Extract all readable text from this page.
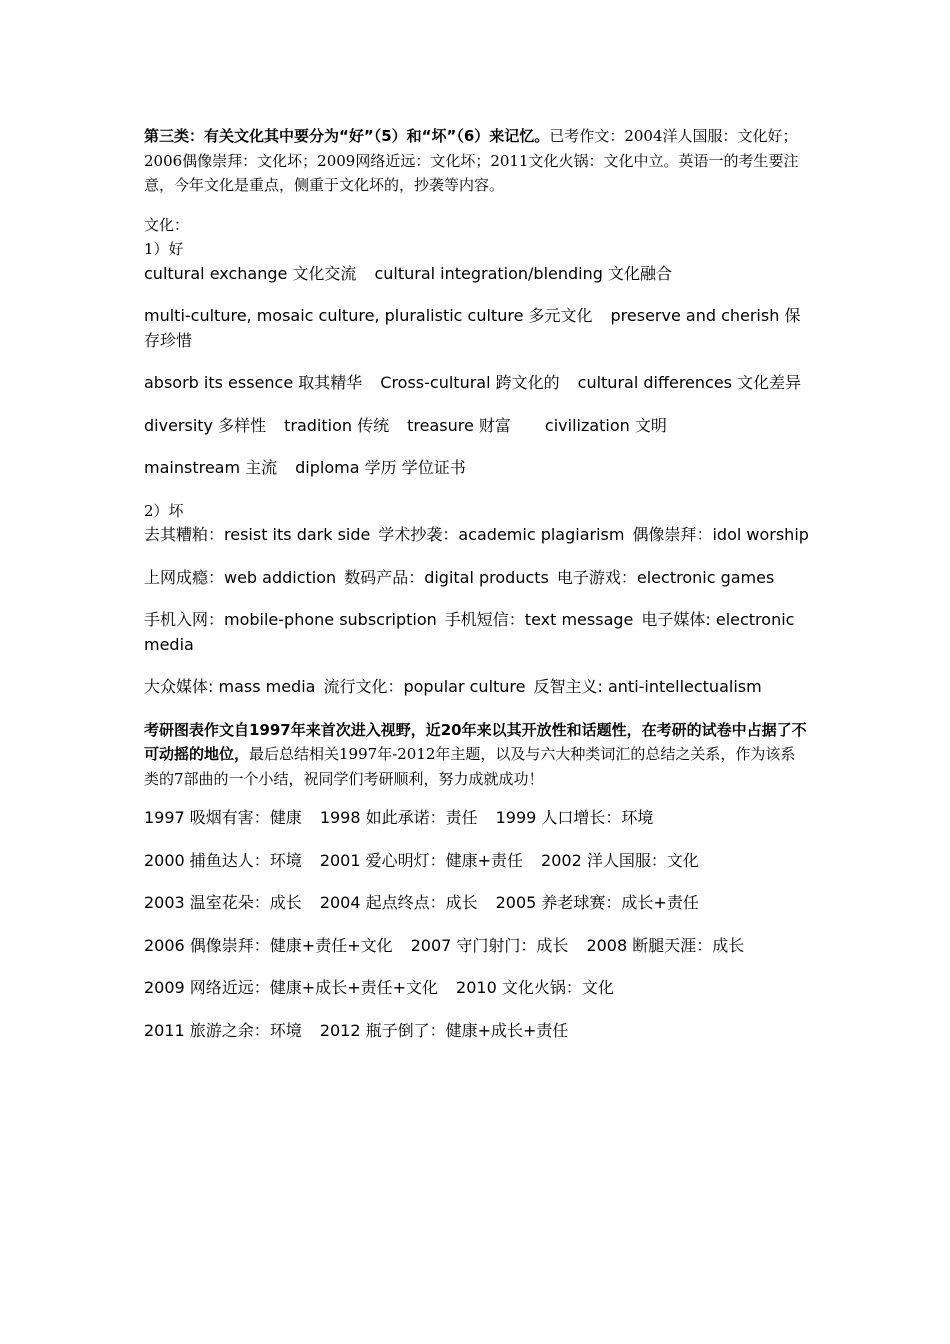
第三类：有关文化其中要分为“好”（5）和“坏”（6）来记忆。已考作文：2004洋人国服：文化好；2006偶像崇拜：文化坏；2009网络近远：文化坏；2011文化火锅：文化中立。英语一的考生要注意，今年文化是重点，侧重于文化坏的，抄袭等内容。

文化：

1）好

cultural exchange 文化交流 cultural integration/blending 文化融合

multi-culture, mosaic culture, pluralistic culture 多元文化 preserve and cherish 保存珍惜

absorb its essence 取其精华 Cross-cultural 跨文化的 cultural differences 文化差异

diversity 多样性 tradition 传统 treasure 财富 civilization 文明

mainstream 主流 diploma 学历 学位证书

2）坏

去其糟粕：resist its dark side 学术抄袭：academic plagiarism 偶像崇拜：idol worship

上网成瘾：web addiction 数码产品：digital products 电子游戏：electronic games

手机入网：mobile-phone subscription 手机短信：text message 电子媒体: electronic media

大众媒体: mass media 流行文化：popular culture 反智主义: anti-intellectualism

考研图表作文自1997年来首次进入视野，近20年来以其开放性和话题性，在考研的试卷中占据了不可动摇的地位，最后总结相关1997年-2012年主题，以及与六大种类词汇的总结之关系，作为该系类的7部曲的一个小结，祝同学们考研顺利，努力成就成功！

1997 吸烟有害：健康 1998 如此承诺：责任 1999 人口增长：环境

2000 捕鱼达人：环境 2001 爱心明灯：健康+责任 2002 洋人国服：文化

2003 温室花朵：成长 2004 起点终点：成长 2005 养老球赛：成长+责任

2006 偶像崇拜：健康+责任+文化 2007 守门射门：成长 2008 断腿天涯：成长

2009 网络近远：健康+成长+责任+文化 2010 文化火锅：文化

2011 旅游之余：环境 2012 瓶子倒了：健康+成长+责任
